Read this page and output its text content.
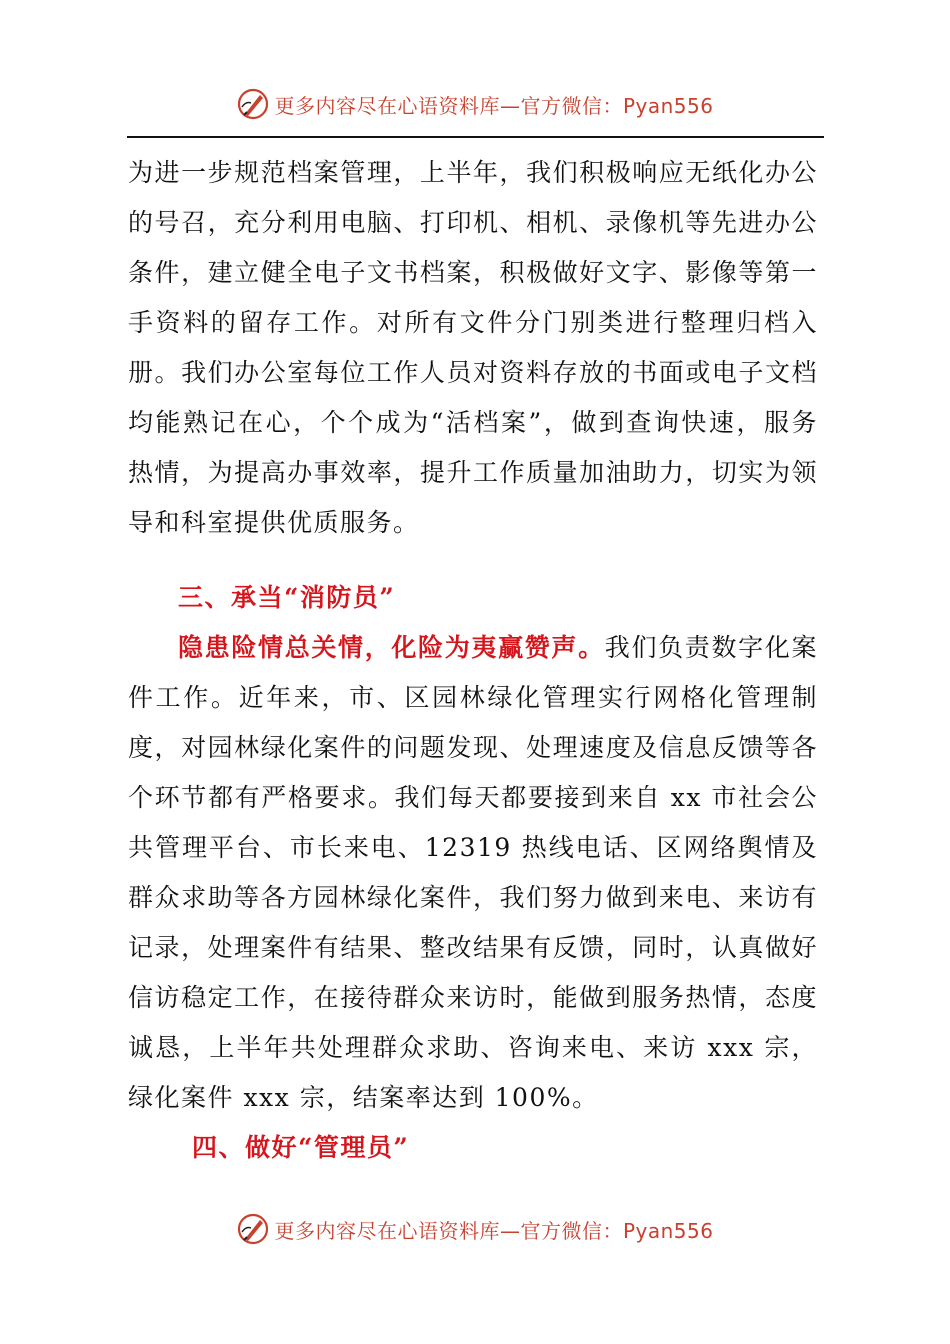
更多内容尽在心语资料库—官方微信：Pyan556

为进一步规范档案管理，上半年，我们积极响应无纸化办公的号召，充分利用电脑、打印机、相机、录像机等先进办公条件，建立健全电子文书档案，积极做好文字、影像等第一手资料的留存工作。对所有文件分门别类进行整理归档入册。我们办公室每位工作人员对资料存放的书面或电子文档均能熟记在心，个个成为“活档案”，做到查询快速，服务热情，为提高办事效率，提升工作质量加油助力，切实为领导和科室提供优质服务。

三、承当“消防员”

隐患险情总关情，化险为夷赢赞声。我们负责数字化案件工作。近年来，市、区园林绿化管理实行网格化管理制度，对园林绿化案件的问题发现、处理速度及信息反馈等各个环节都有严格要求。我们每天都要接到来自 xx 市社会公共管理平台、市长来电、12319 热线电话、区网络舆情及群众求助等各方园林绿化案件，我们努力做到来电、来访有记录，处理案件有结果、整改结果有反馈，同时，认真做好信访稳定工作，在接待群众来访时，能做到服务热情，态度诚恳，上半年共处理群众求助、咨询来电、来访 xxx 宗，绿化案件 xxx 宗，结案率达到 100%。

四、做好“管理员”

更多内容尽在心语资料库—官方微信：Pyan556
